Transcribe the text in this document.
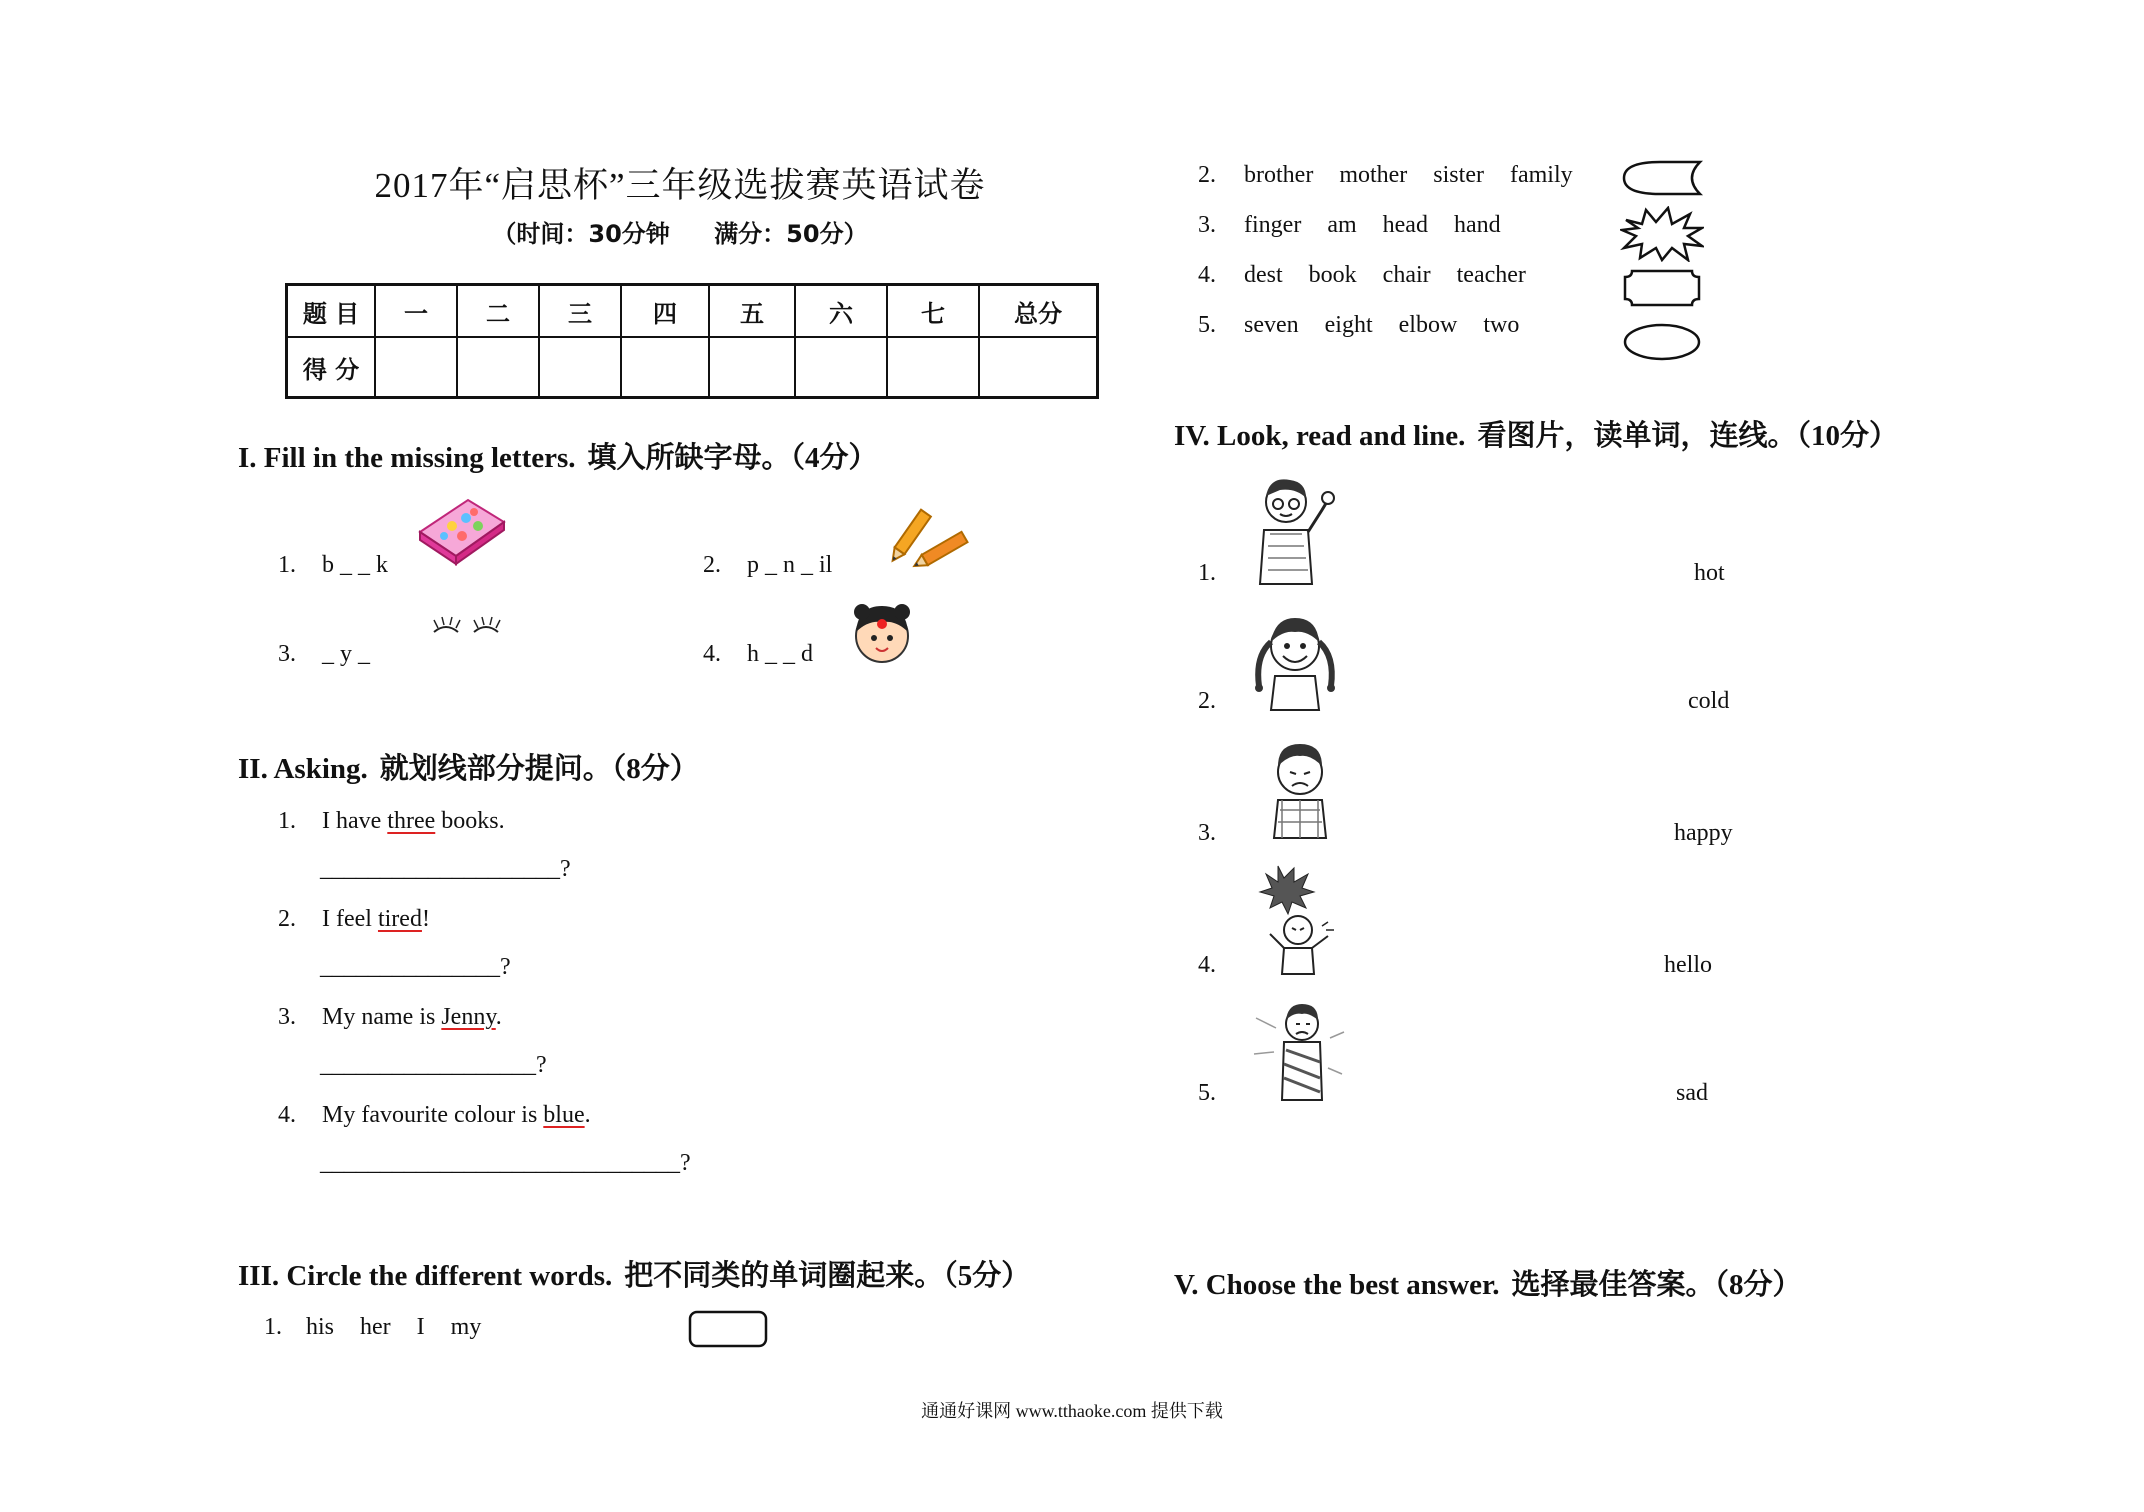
2017年“启思杯”三年级选拔赛英语试卷
（时间：30分钟 满分：50分）
题 目	一	二	三	四	五	六	七	总分
得 分								
I. Fill in the missing letters. 填入所缺字母。（4分）
1. b _ _ k	2. p _ n _ il
3. _ y _	4. h _ _ d
II. Asking. 就划线部分提问。（8分）
1. I have three books.
____________________?
2. I feel tired!
_______________?
3. My name is Jenny.
__________________?
4. My favourite colour is blue.
______________________________?
III. Circle the different words. 把不同类的单词圈起来。（5分）
1. his her I my
2. brother mother sister family
3. finger am head hand
4. dest book chair teacher
5. seven eight elbow two
IV. Look, read and line. 看图片，读单词，连线。（10分）
1.	hot
2.	cold
3.	happy
4.	hello
5.	sad
V. Choose the best answer. 选择最佳答案。（8分）
通通好课网 www.tthaoke.com 提供下载
